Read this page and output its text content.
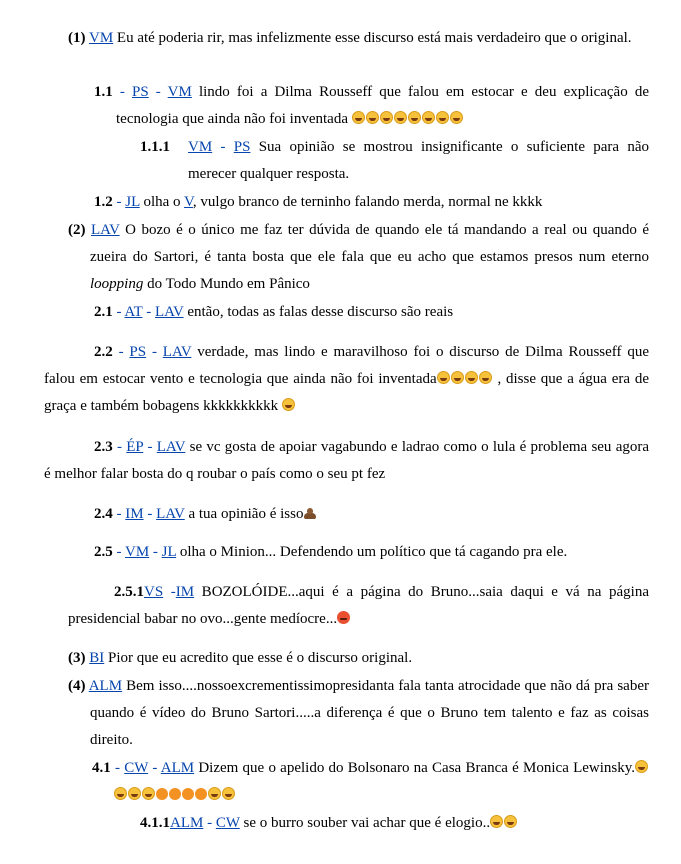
(1) VM Eu até poderia rir, mas infelizmente esse discurso está mais verdadeiro que o original.
1.1 - PS - VM lindo foi a Dilma Rousseff que falou em estocar e deu explicação de tecnologia que ainda não foi inventada
1.1.1 VM - PS Sua opinião se mostrou insignificante o suficiente para não merecer qualquer resposta.
1.2 - JL olha o V, vulgo branco de terninho falando merda, normal ne kkkk
(2) LAV O bozo é o único me faz ter dúvida de quando ele tá mandando a real ou quando é zueira do Sartori, é tanta bosta que ele fala que eu acho que estamos presos num eterno loopping do Todo Mundo em Pânico
2.1 - AT - LAV então, todas as falas desse discurso são reais
2.2 - PS - LAV verdade, mas lindo e maravilhoso foi o discurso de Dilma Rousseff que falou em estocar vento e tecnologia que ainda não foi inventada	, disse que a água era de graça e também bobagens kkkkkkkkkk
2.3 - ÉP - LAV se vc gosta de apoiar vagabundo e ladrao como o lula é problema seu agora é melhor falar bosta do q roubar o país como o seu pt fez
2.4 - IM - LAV a tua opinião é isso
2.5 - VM - JL olha o Minion... Defendendo um político que tá cagando pra ele.
2.5.1VS -IM BOZOLÓIDE...aqui é a página do Bruno...saia daqui e vá na página presidencial babar no ovo...gente medíocre...
(3) BI Pior que eu acredito que esse é o discurso original.
(4) ALM Bem isso....nossoexcrementissimopresidanta fala tanta atrocidade que não dá pra saber quando é vídeo do Bruno Sartori.....a diferença é que o Bruno tem talento e faz as coisas direito.
4.1 - CW - ALM Dizem que o apelido do Bolsonaro na Casa Branca é Monica Lewinsky.
4.1.1ALM - CW se o burro souber vai achar que é elogio..
